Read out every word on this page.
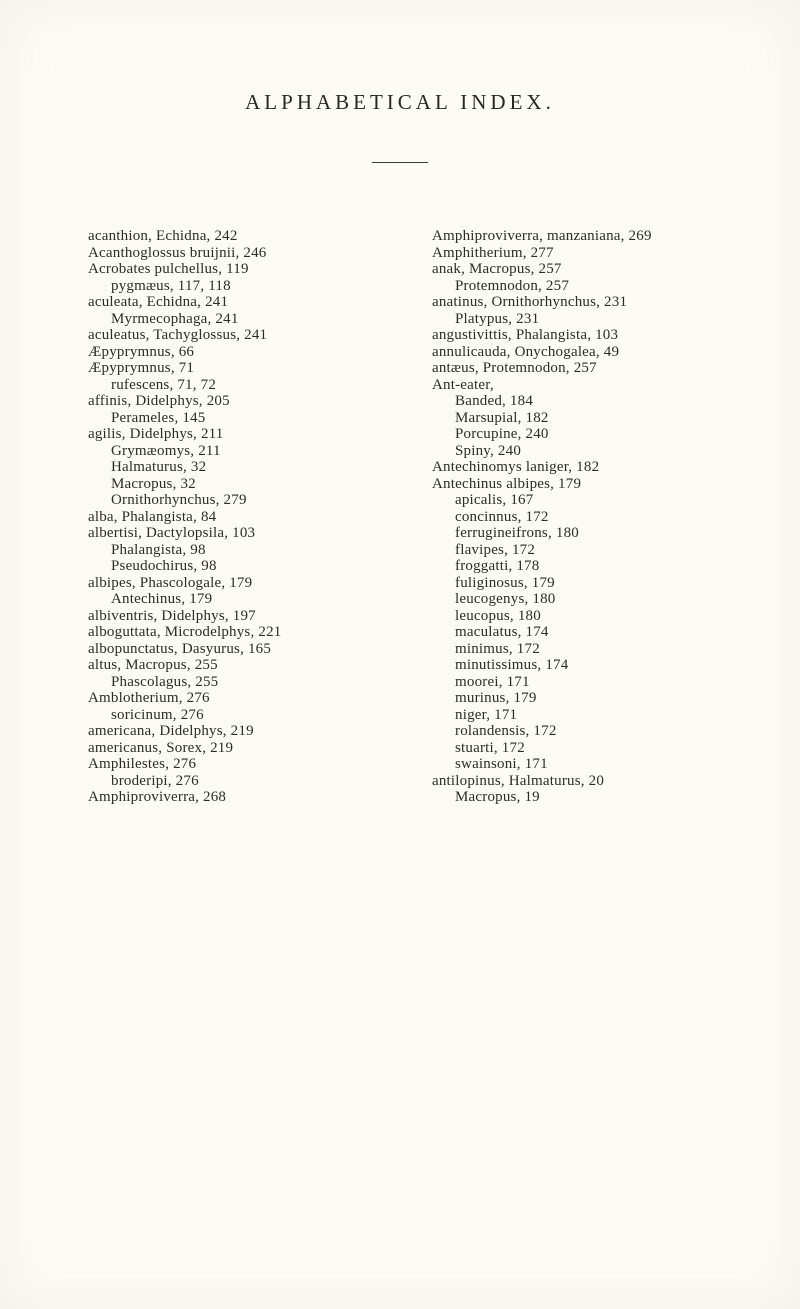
ALPHABETICAL INDEX.
acanthion, Echidna, 242
Acanthoglossus bruijnii, 246
Acrobates pulchellus, 119
pygmæus, 117, 118
aculeata, Echidna, 241
Myrmecophaga, 241
aculeatus, Tachyglossus, 241
Æpyprymnus, 66
Æpyprymnus, 71
rufescens, 71, 72
affinis, Didelphys, 205
Perameles, 145
agilis, Didelphys, 211
Grymæomys, 211
Halmaturus, 32
Macropus, 32
Ornithorhynchus, 279
alba, Phalangista, 84
albertisi, Dactylopsila, 103
Phalangista, 98
Pseudochirus, 98
albipes, Phascologale, 179
Antechinus, 179
albiventris, Didelphys, 197
alboguttata, Microdelphys, 221
albopunctatus, Dasyurus, 165
altus, Macropus, 255
Phascolagus, 255
Amblotherium, 276
soricinum, 276
americana, Didelphys, 219
americanus, Sorex, 219
Amphilestes, 276
broderipi, 276
Amphiproviverra, 268
Amphiproviverra, manzaniana, 269
Amphitherium, 277
anak, Macropus, 257
Protemnodon, 257
anatinus, Ornithorhynchus, 231
Platypus, 231
angustivittis, Phalangista, 103
annulicauda, Onychogalea, 49
antæus, Protemnodon, 257
Ant-eater,
Banded, 184
Marsupial, 182
Porcupine, 240
Spiny, 240
Antechinomys laniger, 182
Antechinus albipes, 179
apicalis, 167
concinnus, 172
ferrugineifrons, 180
flavipes, 172
froggatti, 178
fuliginosus, 179
leucogenys, 180
leucopus, 180
maculatus, 174
minimus, 172
minutissimus, 174
moorei, 171
murinus, 179
niger, 171
rolandensis, 172
stuarti, 172
swainsoni, 171
antilopinus, Halmaturus, 20
Macropus, 19
